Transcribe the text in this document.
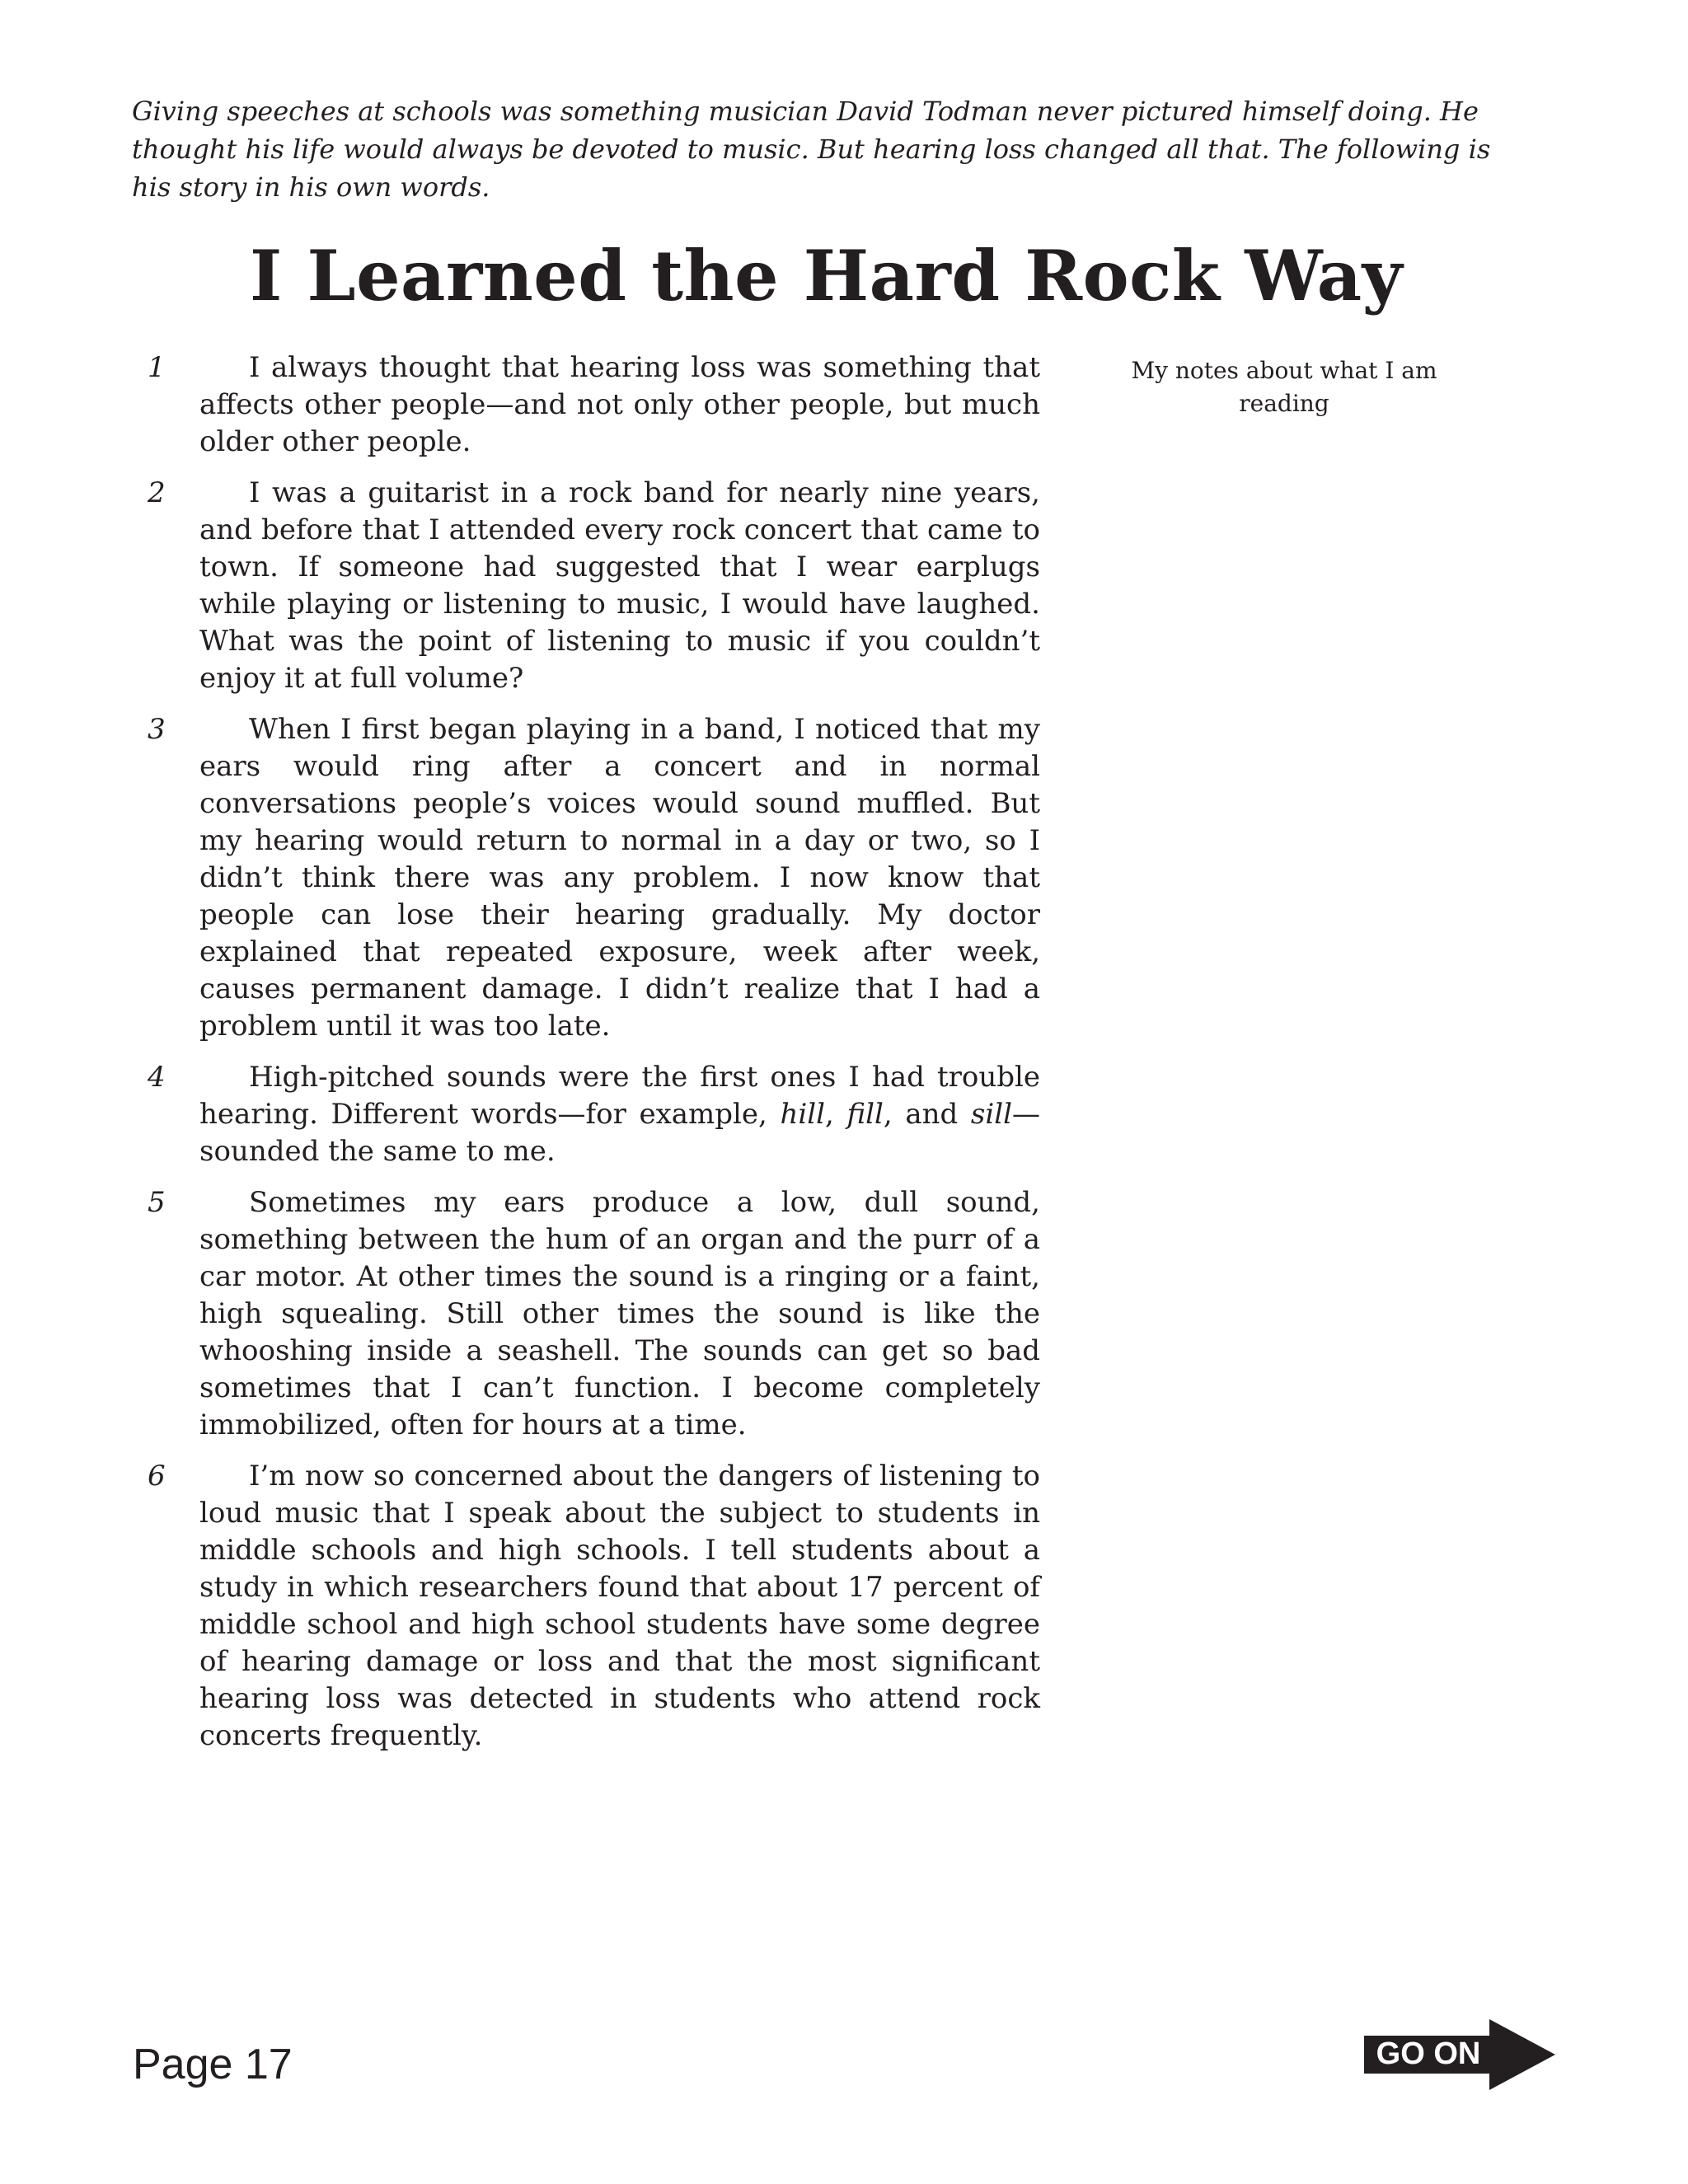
Giving speeches at schools was something musician David Todman never pictured himself doing. He thought his life would always be devoted to music. But hearing loss changed all that. The following is his story in his own words.

I Learned the Hard Rock Way

1	I always thought that hearing loss was something that affects other people—and not only other people, but much older other people.

2	I was a guitarist in a rock band for nearly nine years, and before that I attended every rock concert that came to town. If someone had suggested that I wear earplugs while playing or listening to music, I would have laughed. What was the point of listening to music if you couldn’t enjoy it at full volume?

3	When I first began playing in a band, I noticed that my ears would ring after a concert and in normal conversations people’s voices would sound muffled. But my hearing would return to normal in a day or two, so I didn’t think there was any problem. I now know that people can lose their hearing gradually. My doctor explained that repeated exposure, week after week, causes permanent damage. I didn’t realize that I had a problem until it was too late.

4	High-pitched sounds were the first ones I had trouble hearing. Different words—for example, hill, fill, and sill—sounded the same to me.

5	Sometimes my ears produce a low, dull sound, something between the hum of an organ and the purr of a car motor. At other times the sound is a ringing or a faint, high squealing. Still other times the sound is like the whooshing inside a seashell. The sounds can get so bad sometimes that I can’t function. I become completely immobilized, often for hours at a time.

6	I’m now so concerned about the dangers of listening to loud music that I speak about the subject to students in middle schools and high schools. I tell students about a study in which researchers found that about 17 percent of middle school and high school students have some degree of hearing damage or loss and that the most significant hearing loss was detected in students who attend rock concerts frequently.

My notes about what I am reading

Page 17	GO ON
